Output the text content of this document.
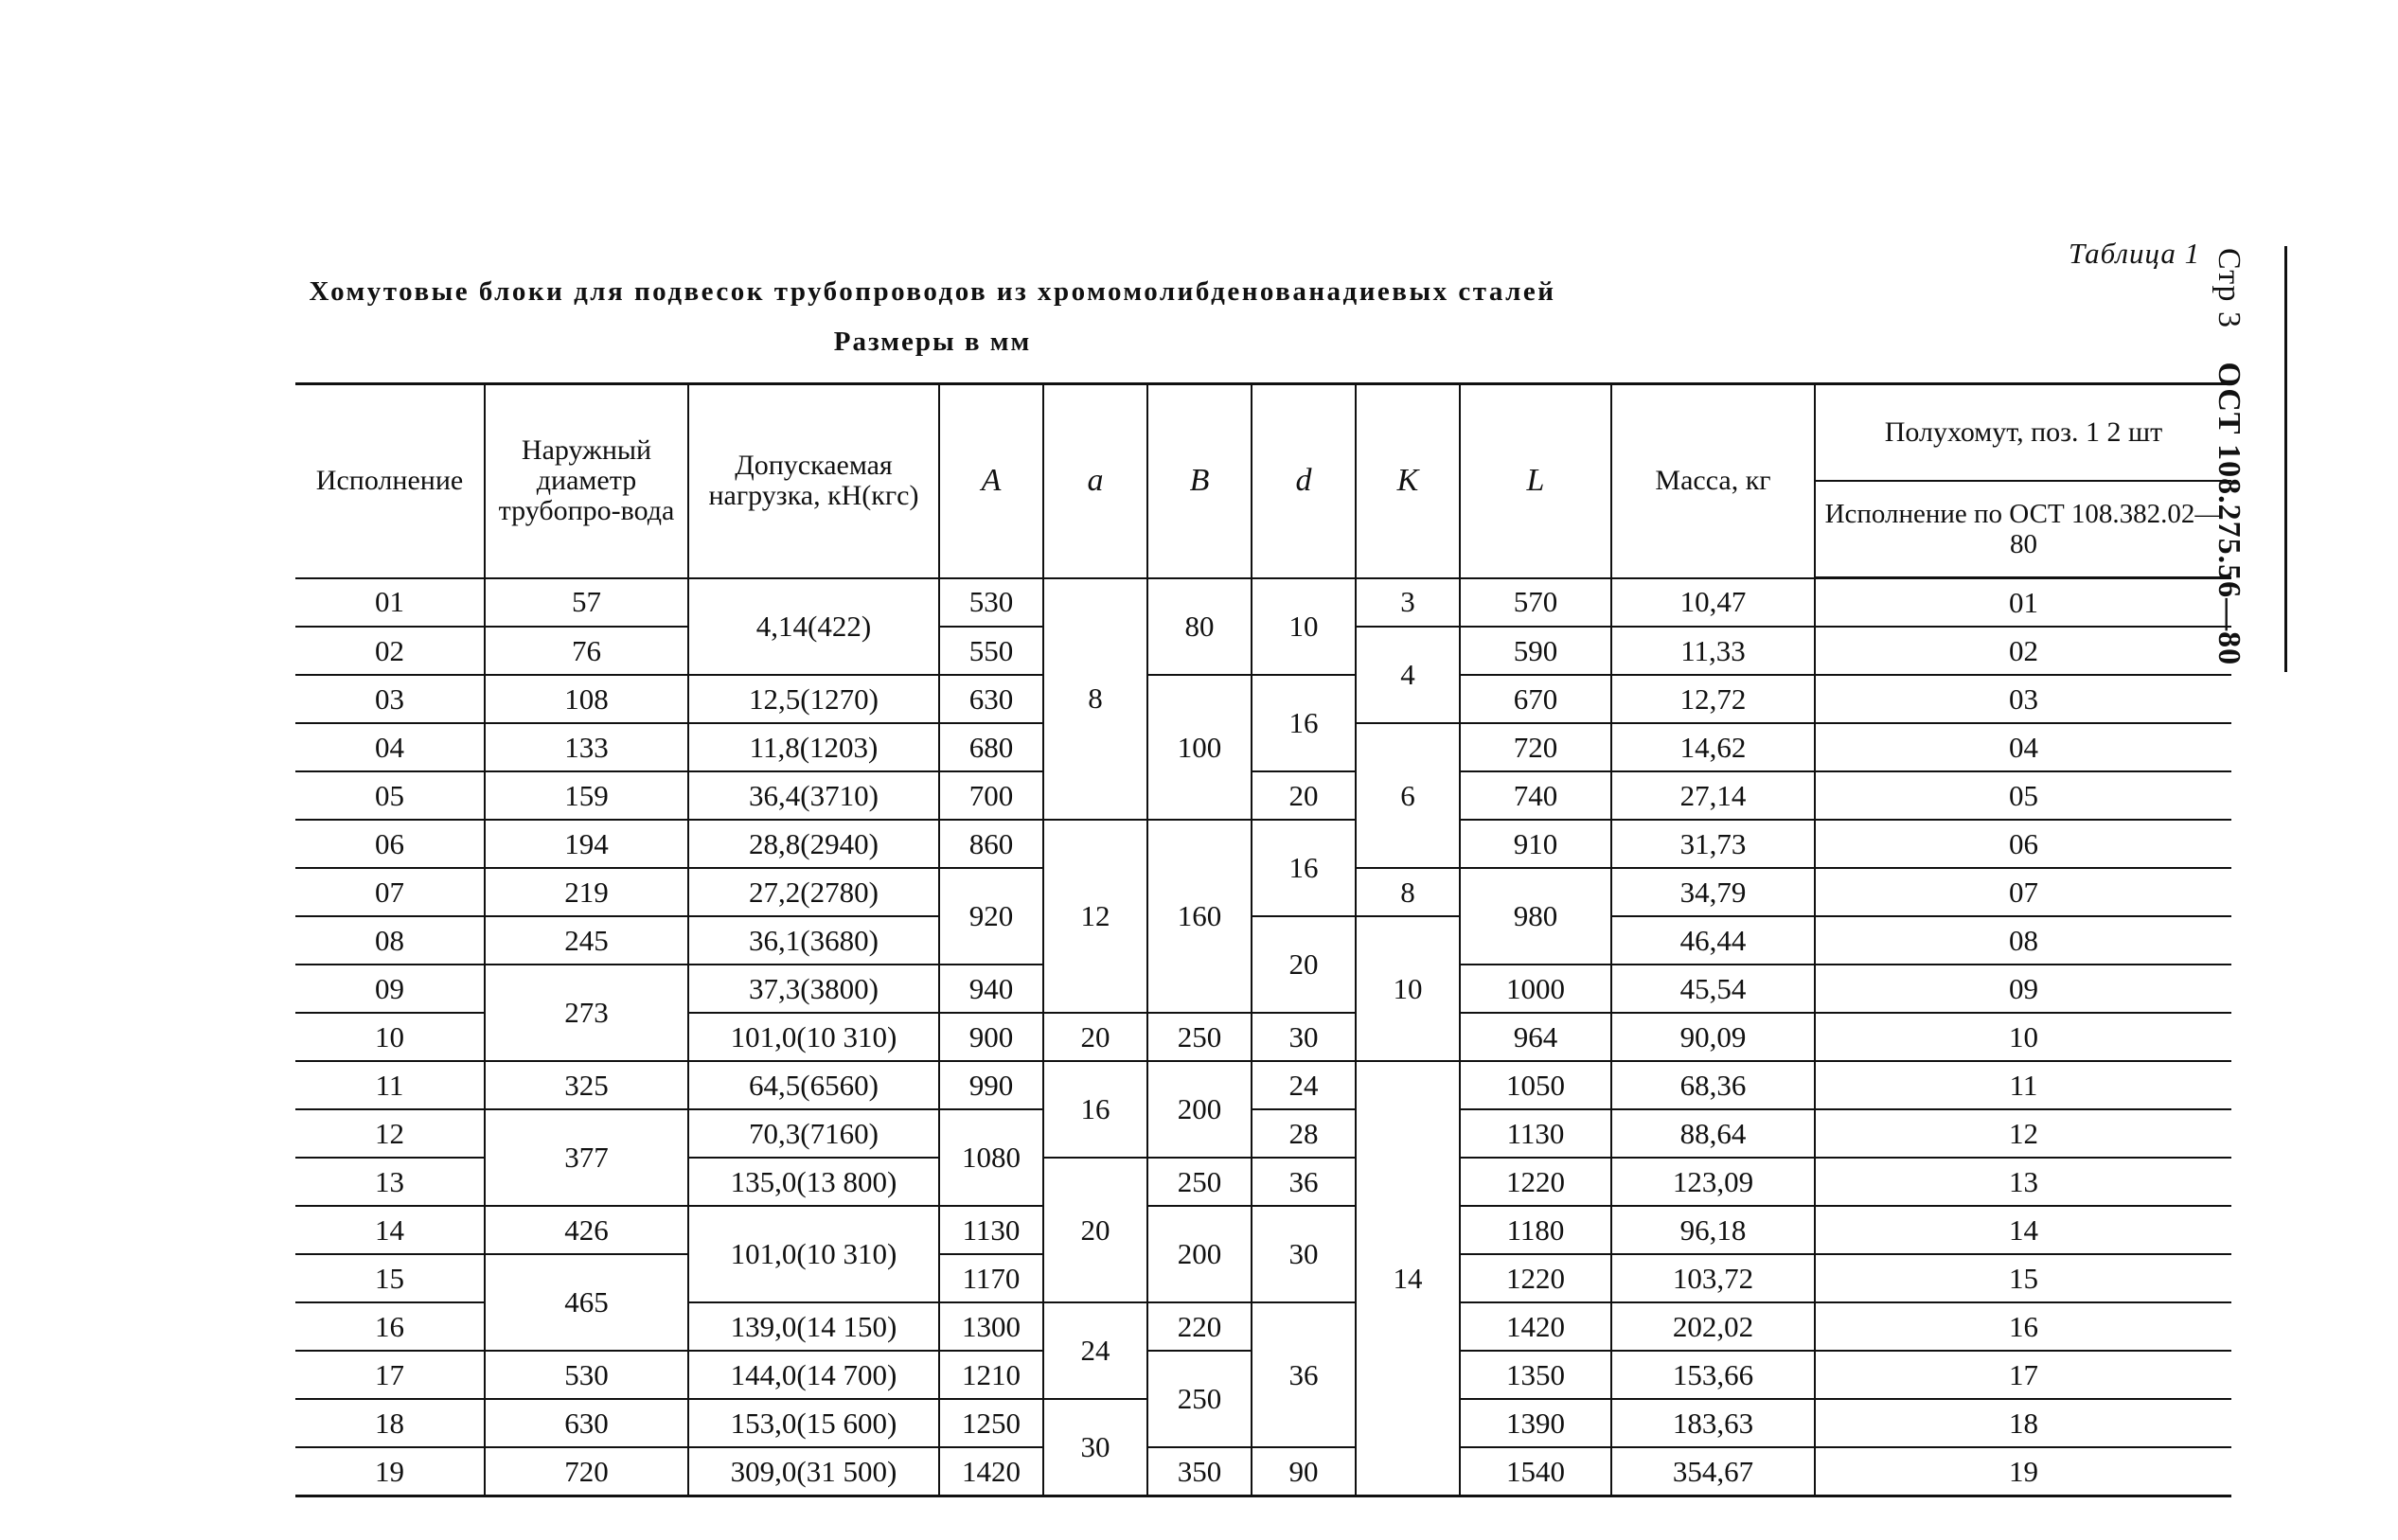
Таблица 1
Хомутовые блоки для подвесок трубопроводов из хромомолибденованадиевых сталей
Размеры в мм
Стр 3 ОСТ 108.275.56—80
Исполнение	Наружный диаметр трубопро-вода	Допускаемая нагрузка, кН(кгс)	A	a	B	d	K	L	Масса, кг	Полухомут, поз. 1 2 шт
										Исполнение по ОСТ 108.382.02—80
01	57	4,14(422)	530	8	80	10	3	570	10,47	01
02	76		550				4	590	11,33	02
03	108	12,5(1270)	630		100	16		670	12,72	03
04	133	11,8(1203)	680				6	720	14,62	04
05	159	36,4(3710)	700			20		740	27,14	05
06	194	28,8(2940)	860	12	160	16		910	31,73	06
07	219	27,2(2780)	920				8	980	34,79	07
08	245	36,1(3680)				20	10		46,44	08
09	273	37,3(3800)	940					1000	45,54	09
10		101,0(10 310)	900	20	250	30		964	90,09	10
11	325	64,5(6560)	990	16	200	24	14	1050	68,36	11
12	377	70,3(7160)	1080			28		1130	88,64	12
13		135,0(13 800)		20	250	36		1220	123,09	13
14	426	101,0(10 310)	1130		200	30		1180	96,18	14
15	465		1170					1220	103,72	15
16		139,0(14 150)	1300	24	220	36		1420	202,02	16
17	530	144,0(14 700)	1210		250			1350	153,66	17
18	630	153,0(15 600)	1250	30				1390	183,63	18
19	720	309,0(31 500)	1420		350	90		1540	354,67	19
